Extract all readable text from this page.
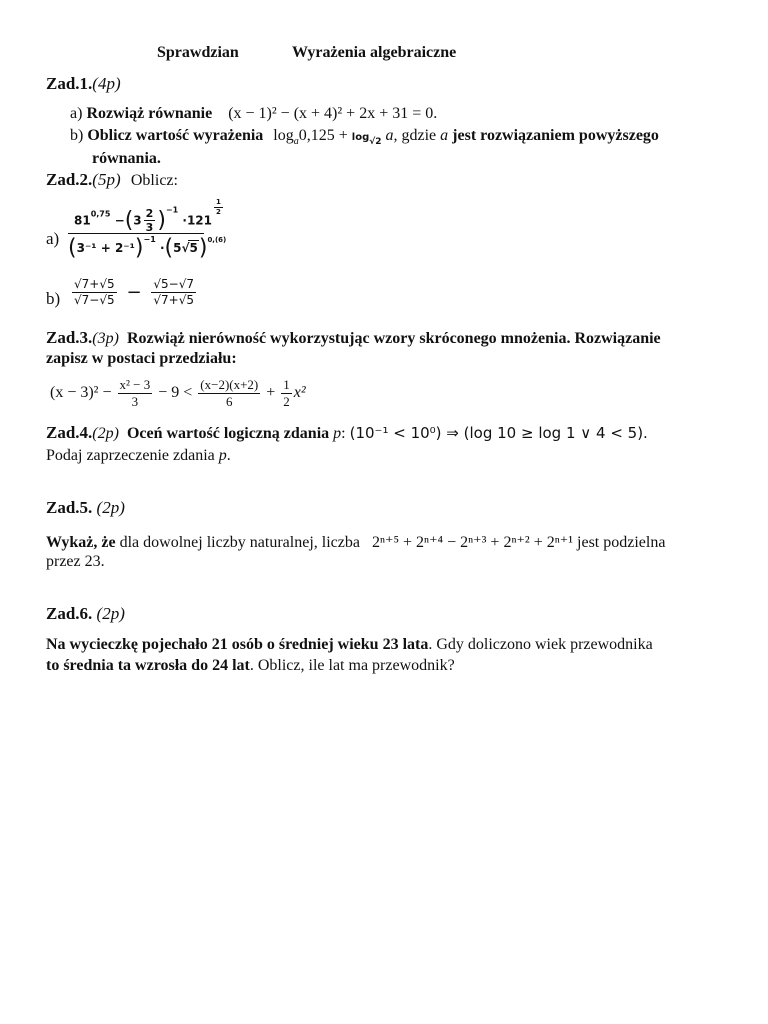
Sprawdzian	Wyrażenia algebraiczne
Zad.1.(4p)
a) Rozwiąż równanie (x − 1)² − (x + 4)² + 2x + 31 = 0.
b) Oblicz wartość wyrażenia $\log_a0,125 + \log_{√2} a$, gdzie a jest rozwiązaniem powyższego
równania.
Zad.2.(5p) Oblicz:
a)
$81^{0,75} -(3 \frac{2}{3} )^{-1} \cdot 121$
$\frac{1}{2}$
$(3^{-1} + 2^{-1})^{-1} \cdot(5√5)^{0,(6)}$
$b) \frac{√7+√5}{√7-√5} - \frac{√5-√7}{√7+√5}$
Zad.3.(3p) Rozwiąż nierówność wykorzystując wzory skróconego mnożenia. Rozwiązanie
zapisz w postaci przedziału:
$(x - 3)^2 - \frac{\text{x² − 3}}{3} - 9 < \frac{(x-2)(x+2)}{6} + \frac{1}{2} x^2$
Zad.4.(2p) Oceń wartość logiczną zdania p: (10⁻¹ < 10⁰) ⇒ (log 10 ≥ log 1 ∨ 4 < 5).
Podaj zaprzeczenie zdania p.
Zad.5. (2p)
Wykaż, że dla dowolnej liczby naturalnej, liczba 2ⁿ⁺⁵ + 2ⁿ⁺⁴ − 2ⁿ⁺³ + 2ⁿ⁺² + 2ⁿ⁺¹ jest podzielna
przez 23.
Zad.6. (2p)
Na wycieczkę pojechało 21 osób o średniej wieku 23 lata. Gdy doliczono wiek przewodnika
to średnia ta wzrosła do 24 lat. Oblicz, ile lat ma przewodnik?
